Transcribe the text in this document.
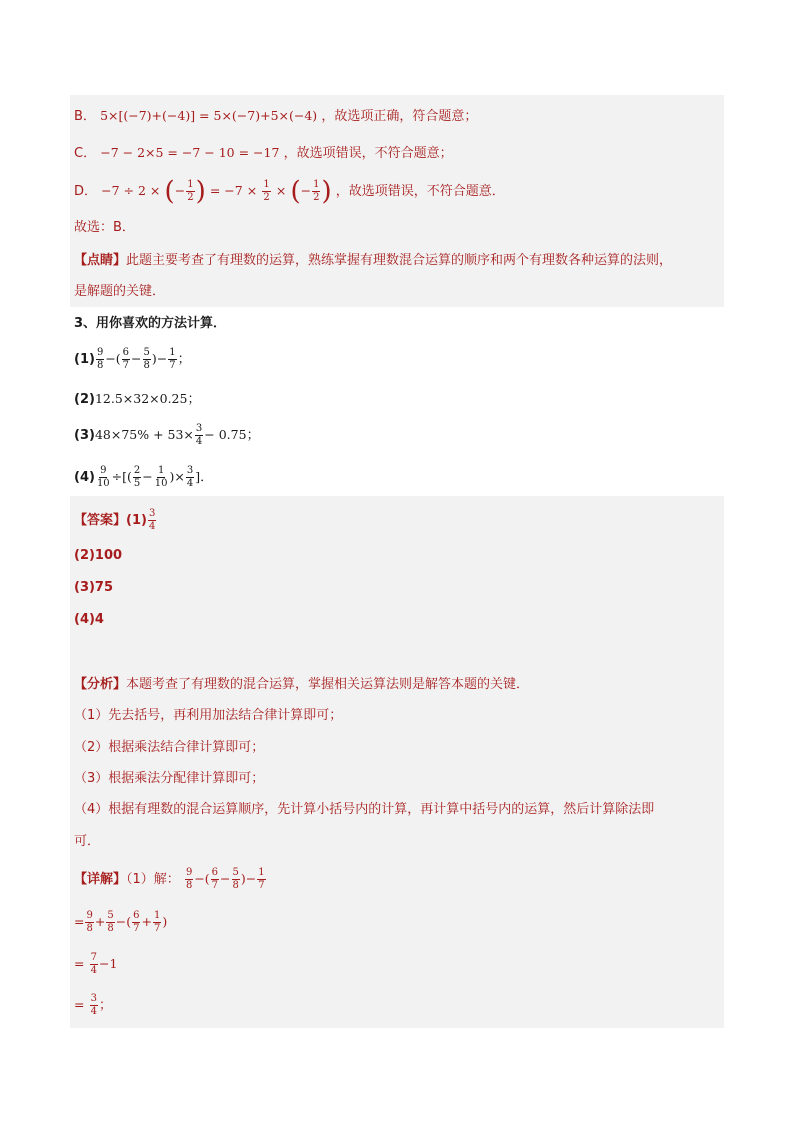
B． 5×[(−7)+(−4)] = 5×(−7)+5×(−4) ，故选项正确，符合题意；
C． −7 − 2×5 = −7 − 10 = −17 ，故选项错误，不符合题意；
D． −7 ÷ 2 × (− $\frac{1}{2}$ ) = $-7 \times \frac{1}{2}$ × (− $\frac{1}{2}$ ) ，故选项错误，不符合题意．
故选：B．
【点睛】此题主要考查了有理数的运算，熟练掌握有理数混合运算的顺序和两个有理数各种运算的法则，
是解题的关键．
3、用你喜欢的方法计算．
$(1) \frac{9}{8}$ −( $\frac{6}{7} - \frac{5}{8}$ )− $\frac{1}{7}$ ；
(2)12.5×32×0.25；
$(3)48\times 75\% + 53\times \frac{3}{4} - 0.75$；
$(4) \frac{9}{10}$ ÷[( $\frac{2}{5} - \frac{1}{10}$ )× $\frac{3}{4}$ ]．
【答案】$(1) \frac{3}{4}$
(2)100
(3)75
(4)4
【分析】本题考查了有理数的混合运算，掌握相关运算法则是解答本题的关键．
（1）先去括号，再利用加法结合律计算即可；
（2）根据乘法结合律计算即可；
（3）根据乘法分配律计算即可；
（4）根据有理数的混合运算顺序，先计算小括号内的计算，再计算中括号内的运算，然后计算除法即
可．
【详解】（1）解： $\frac{9}{8}$ −( $\frac{6}{7} - \frac{5}{8}$ )− $\frac{1}{7}$
= $\frac{9}{8} + \frac{5}{8}$ −( $\frac{6}{7} + \frac{1}{7}$ )
= $\frac{7}{4} -1$
= $\frac{3}{4}$ ；
